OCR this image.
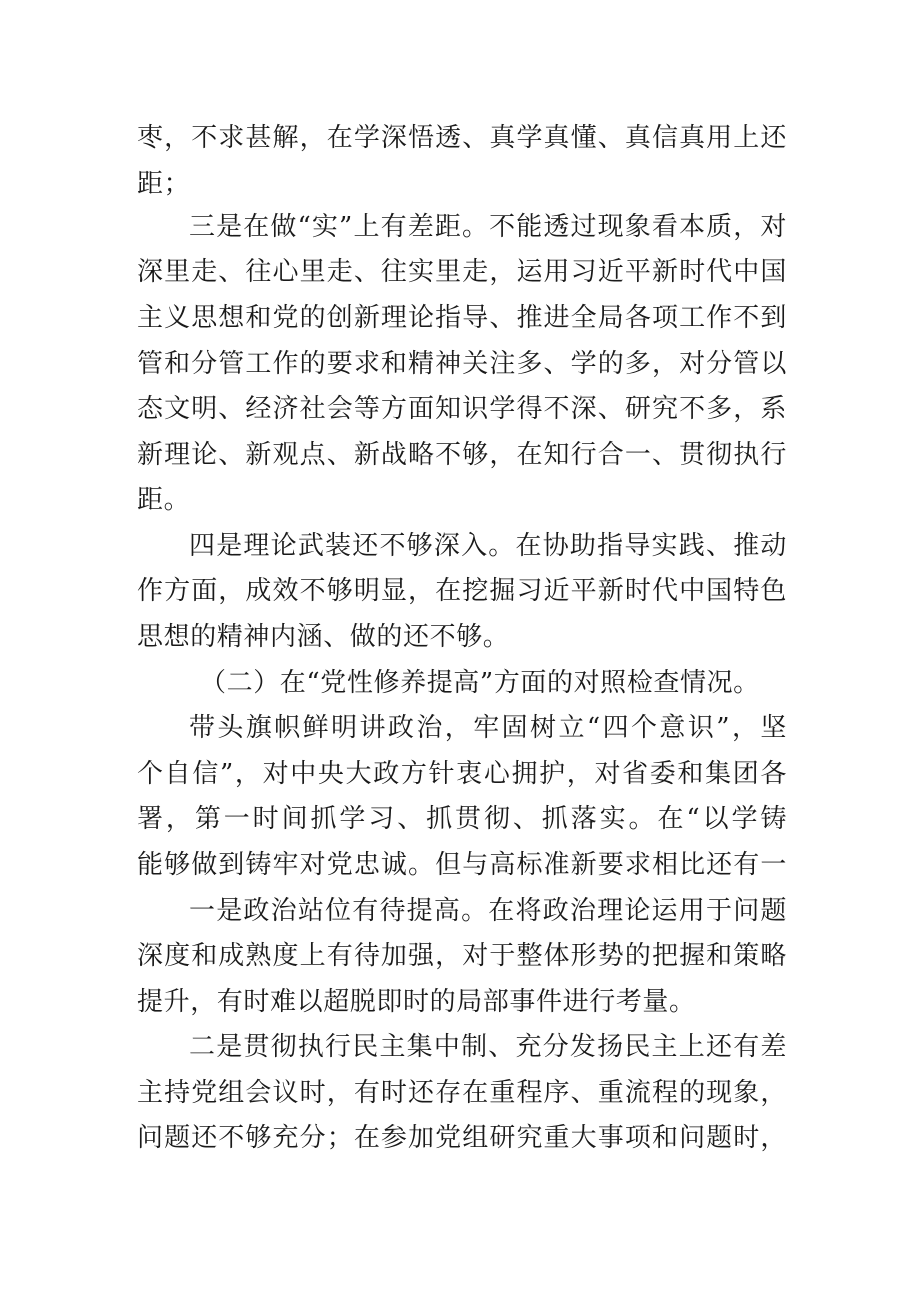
枣，不求甚解，在学深悟透、真学真懂、真信真用上还
距；
三是在做“实”上有差距。不能透过现象看本质，对
深里走、往心里走、往实里走，运用习近平新时代中国
主义思想和党的创新理论指导、推进全局各项工作不到
管和分管工作的要求和精神关注多、学的多，对分管以
态文明、经济社会等方面知识学得不深、研究不多，系
新理论、新观点、新战略不够，在知行合一、贯彻执行
距。
四是理论武装还不够深入。在协助指导实践、推动
作方面，成效不够明显，在挖掘习近平新时代中国特色
思想的精神内涵、做的还不够。
（二）在“党性修养提高”方面的对照检查情况。
带头旗帜鲜明讲政治，牢固树立“四个意识”，坚
个自信”，对中央大政方针衷心拥护，对省委和集团各
署，第一时间抓学习、抓贯彻、抓落实。在“以学铸
能够做到铸牢对党忠诚。但与高标准新要求相比还有一
一是政治站位有待提高。在将政治理论运用于问题
深度和成熟度上有待加强，对于整体形势的把握和策略
提升，有时难以超脱即时的局部事件进行考量。
二是贯彻执行民主集中制、充分发扬民主上还有差
主持党组会议时，有时还存在重程序、重流程的现象，
问题还不够充分；在参加党组研究重大事项和问题时，
